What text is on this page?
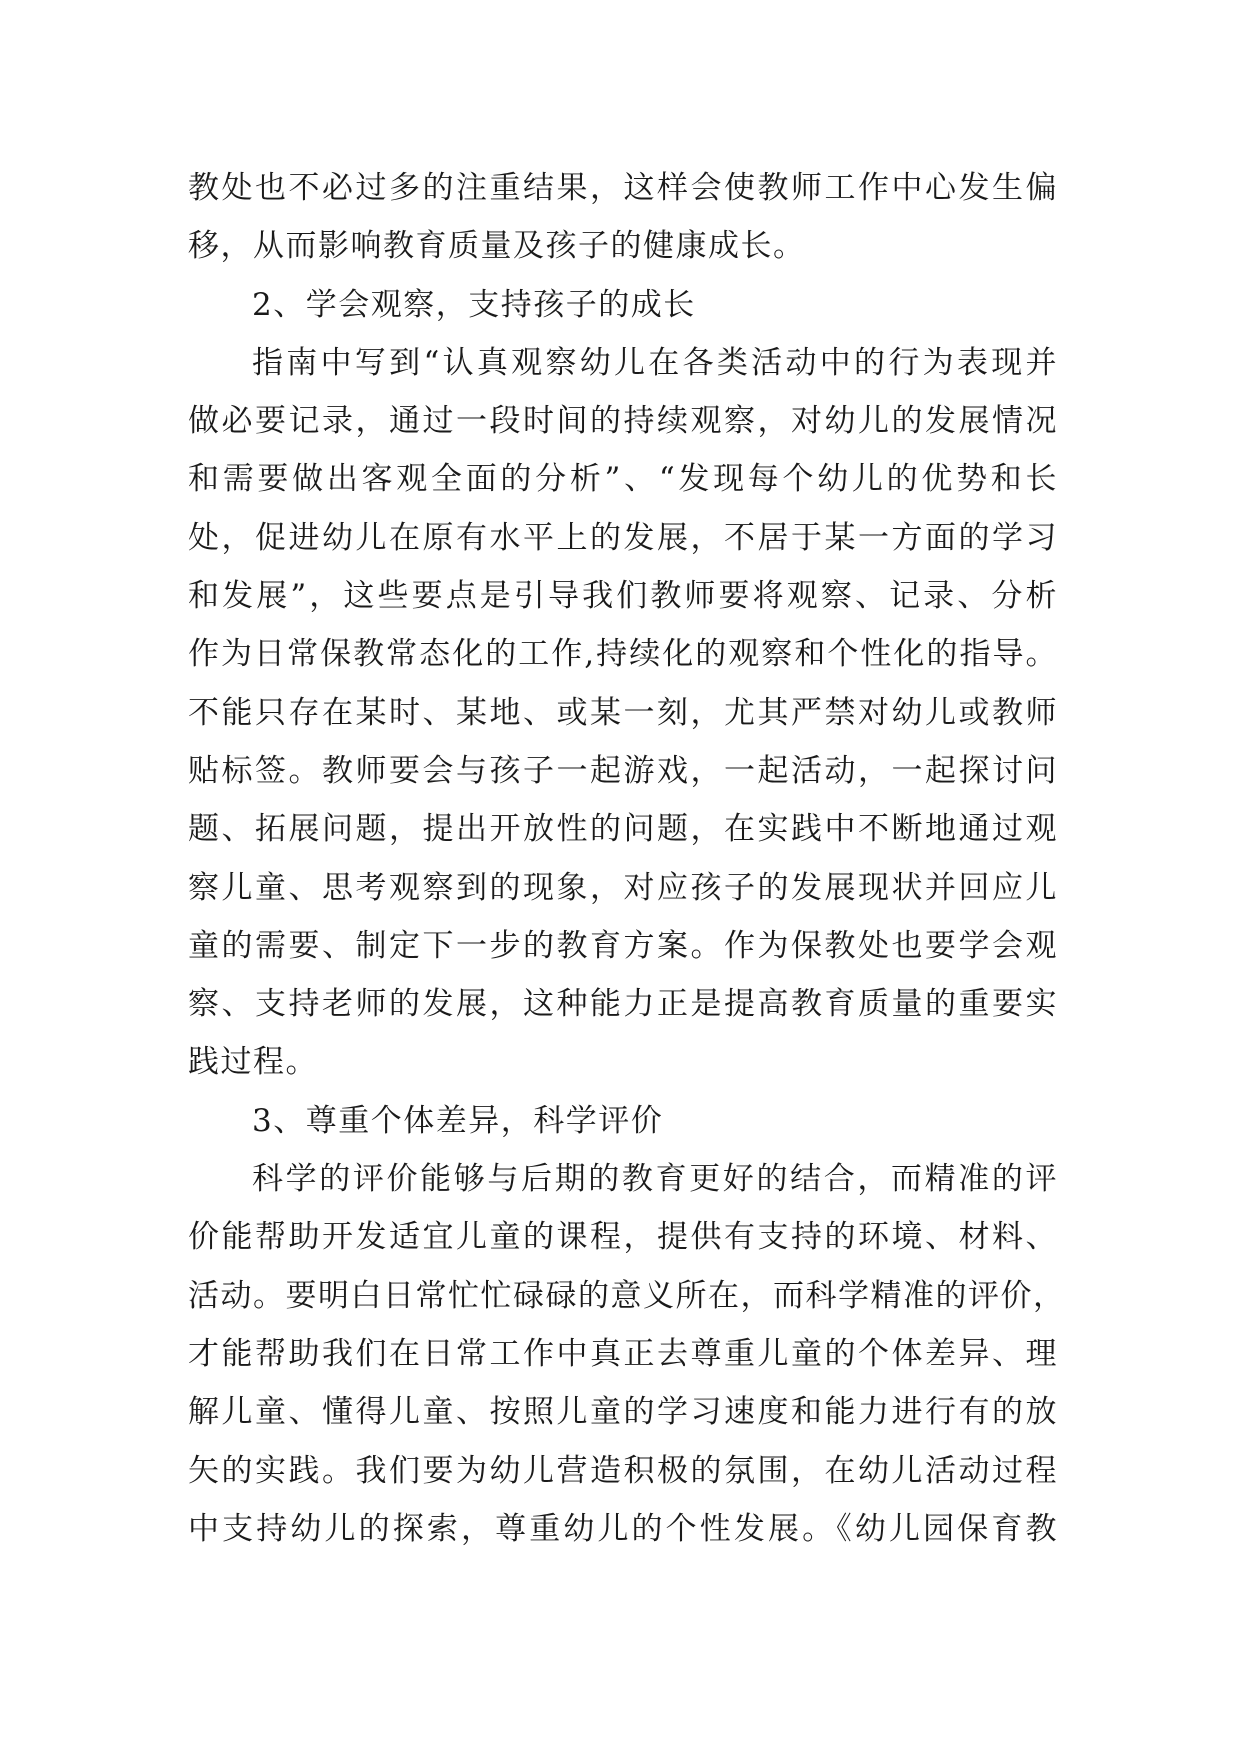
教处也不必过多的注重结果，这样会使教师工作中心发生偏
移，从而影响教育质量及孩子的健康成长。
2、学会观察，支持孩子的成长
指南中写到“认真观察幼儿在各类活动中的行为表现并
做必要记录，通过一段时间的持续观察，对幼儿的发展情况
和需要做出客观全面的分析”、“发现每个幼儿的优势和长
处，促进幼儿在原有水平上的发展，不居于某一方面的学习
和发展”，这些要点是引导我们教师要将观察、记录、分析
作为日常保教常态化的工作,持续化的观察和个性化的指导。
不能只存在某时、某地、或某一刻，尤其严禁对幼儿或教师
贴标签。教师要会与孩子一起游戏，一起活动，一起探讨问
题、拓展问题，提出开放性的问题，在实践中不断地通过观
察儿童、思考观察到的现象，对应孩子的发展现状并回应儿
童的需要、制定下一步的教育方案。作为保教处也要学会观
察、支持老师的发展，这种能力正是提高教育质量的重要实
践过程。
3、尊重个体差异，科学评价
科学的评价能够与后期的教育更好的结合，而精准的评
价能帮助开发适宜儿童的课程，提供有支持的环境、材料、
活动。要明白日常忙忙碌碌的意义所在，而科学精准的评价，
才能帮助我们在日常工作中真正去尊重儿童的个体差异、理
解儿童、懂得儿童、按照儿童的学习速度和能力进行有的放
矢的实践。我们要为幼儿营造积极的氛围，在幼儿活动过程
中支持幼儿的探索，尊重幼儿的个性发展。《幼儿园保育教
